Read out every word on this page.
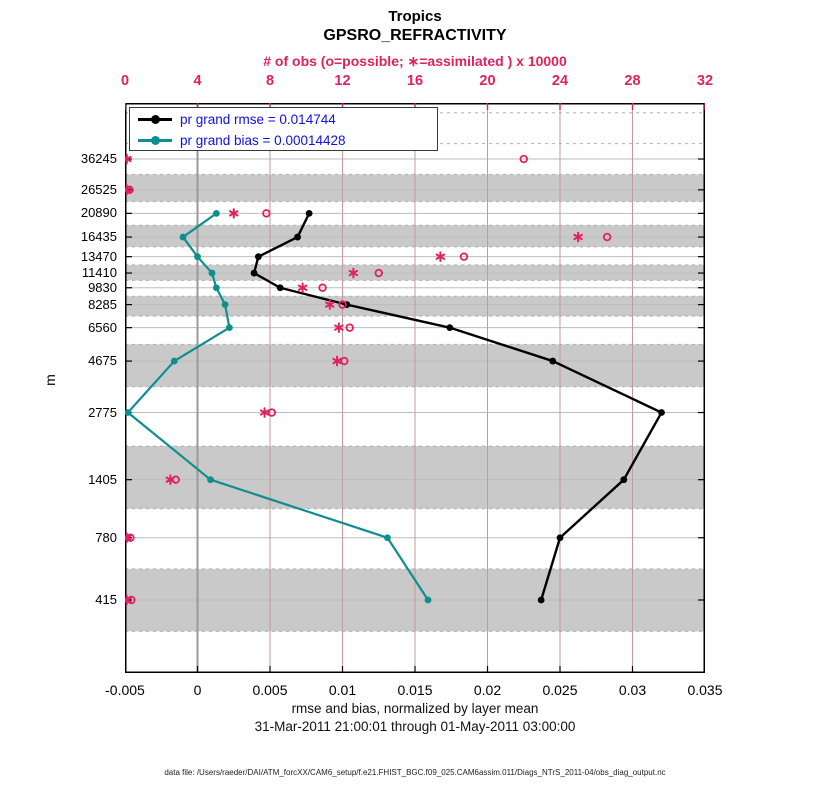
Tropics
GPSRO_REFRACTIVITY
# of obs (o=possible; ∗=assimilated ) x 10000
pr grand rmse = 0.014744
pr grand bias = 0.00014428
m
rmse and bias, normalized by layer mean
31-Mar-2011 21:00:01 through 01-May-2011 03:00:00
data file: /Users/raeder/DAI/ATM_forcXX/CAM6_setup/f.e21.FHIST_BGC.f09_025.CAM6assim.011/Diags_NTrS_2011-04/obs_diag_output.nc
0	4	8	12	16	20	24	28	32
-0.005	0	0.005	0.01	0.015	0.02	0.025	0.03	0.035
36245
26525
20890
16435
13470
11410
9830
8285
6560
4675
2775
1405
780
415
